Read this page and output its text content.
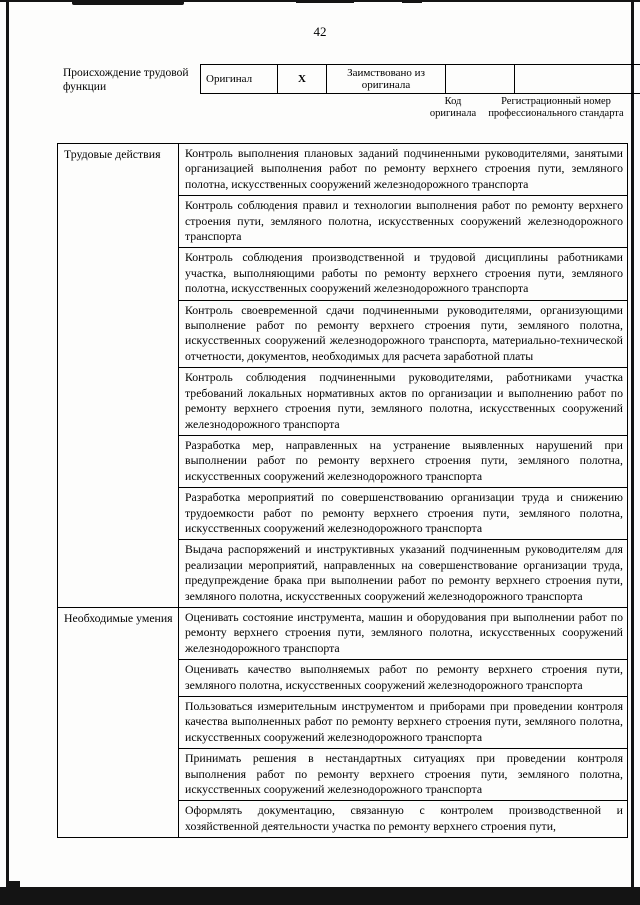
42
Происхождение трудовой функции
Оригинал	X	Заимствовано из оригинала		
Код оригинала
Регистрационный номер профессионального стандарта
Трудовые действия	Контроль выполнения плановых заданий подчиненными руководителями, занятыми организацией выполнения работ по ремонту верхнего строения пути, земляного полотна, искусственных сооружений железнодорожного транспорта
	Контроль соблюдения правил и технологии выполнения работ по ремонту верхнего строения пути, земляного полотна, искусственных сооружений железнодорожного транспорта
	Контроль соблюдения производственной и трудовой дисциплины работниками участка, выполняющими работы по ремонту верхнего строения пути, земляного полотна, искусственных сооружений железнодорожного транспорта
	Контроль своевременной сдачи подчиненными руководителями, организующими выполнение работ по ремонту верхнего строения пути, земляного полотна, искусственных сооружений железнодорожного транспорта, материально-технической отчетности, документов, необходимых для расчета заработной платы
	Контроль соблюдения подчиненными руководителями, работниками участка требований локальных нормативных актов по организации и выполнению работ по ремонту верхнего строения пути, земляного полотна, искусственных сооружений железнодорожного транспорта
	Разработка мер, направленных на устранение выявленных нарушений при выполнении работ по ремонту верхнего строения пути, земляного полотна, искусственных сооружений железнодорожного транспорта
	Разработка мероприятий по совершенствованию организации труда и снижению трудоемкости работ по ремонту верхнего строения пути, земляного полотна, искусственных сооружений железнодорожного транспорта
	Выдача распоряжений и инструктивных указаний подчиненным руководителям для реализации мероприятий, направленных на совершенствование организации труда, предупреждение брака при выполнении работ по ремонту верхнего строения пути, земляного полотна, искусственных сооружений железнодорожного транспорта
Необходимые умения	Оценивать состояние инструмента, машин и оборудования при выполнении работ по ремонту верхнего строения пути, земляного полотна, искусственных сооружений железнодорожного транспорта
	Оценивать качество выполняемых работ по ремонту верхнего строения пути, земляного полотна, искусственных сооружений железнодорожного транспорта
	Пользоваться измерительным инструментом и приборами при проведении контроля качества выполненных работ по ремонту верхнего строения пути, земляного полотна, искусственных сооружений железнодорожного транспорта
	Принимать решения в нестандартных ситуациях при проведении контроля выполнения работ по ремонту верхнего строения пути, земляного полотна, искусственных сооружений железнодорожного транспорта
	Оформлять документацию, связанную с контролем производственной и хозяйственной деятельности участка по ремонту верхнего строения пути,
